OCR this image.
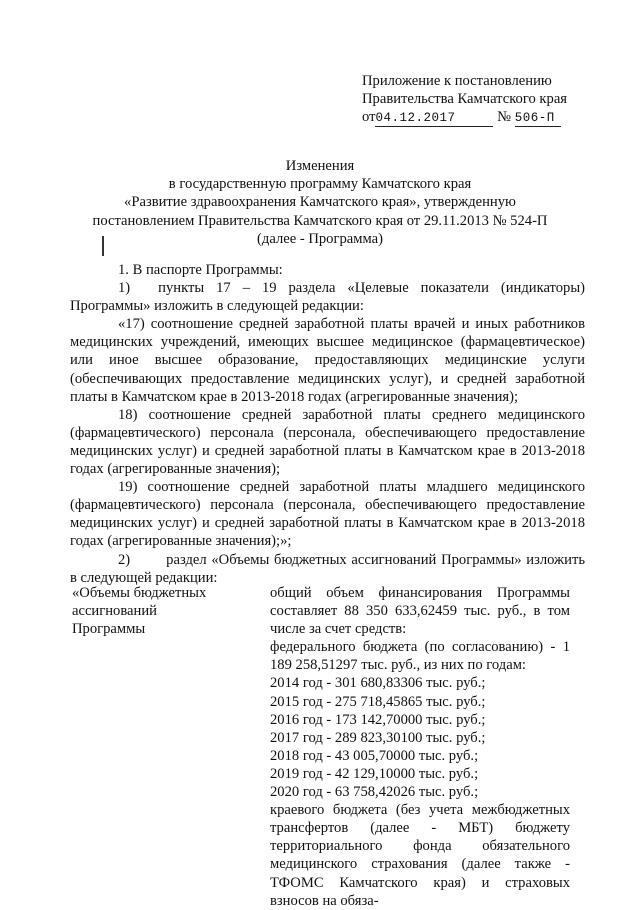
Приложение к постановлению
Правительства Камчатского края
от04.12.2017	№ 506-П
Изменения
в государственную программу Камчатского края
«Развитие здравоохранения Камчатского края», утвержденную
постановлением Правительства Камчатского края от 29.11.2013 № 524-П
(далее - Программа)

1. В паспорте Программы:

1) пункты 17 – 19 раздела «Целевые показатели (индикаторы) Программы» изложить в следующей редакции:

«17) соотношение средней заработной платы врачей и иных работников медицинских учреждений, имеющих высшее медицинское (фармацевтическое) или иное высшее образование, предоставляющих медицинские услуги (обеспечивающих предоставление медицинских услуг), и средней заработной платы в Камчатском крае в 2013-2018 годах (агрегированные значения);

18) соотношение средней заработной платы среднего медицинского (фармацевтического) персонала (персонала, обеспечивающего предоставление медицинских услуг) и средней заработной платы в Камчатском крае в 2013-2018 годах (агрегированные значения);

19) соотношение средней заработной платы младшего медицинского (фармацевтического) персонала (персонала, обеспечивающего предоставление медицинских услуг) и средней заработной платы в Камчатском крае в 2013-2018 годах (агрегированные значения);»;

2) раздел «Объемы бюджетных ассигнований Программы» изложить в следующей редакции:

«Объемы бюджетных
ассигнований
Программы

общий объем финансирования Программы составляет 88 350 633,62459 тыс. руб., в том числе за счет средств:

федерального бюджета (по согласованию) - 1 189 258,51297 тыс. руб., из них по годам:

2014 год - 301 680,83306 тыс. руб.;

2015 год - 275 718,45865 тыс. руб.;

2016 год - 173 142,70000 тыс. руб.;

2017 год - 289 823,30100 тыс. руб.;

2018 год - 43 005,70000 тыс. руб.;

2019 год - 42 129,10000 тыс. руб.;

2020 год - 63 758,42026 тыс. руб.;

краевого бюджета (без учета межбюджетных трансфертов (далее - МБТ) бюджету территориального фонда обязательного медицинского страхования (далее также - ТФОМС Камчатского края) и страховых взносов на обяза-
